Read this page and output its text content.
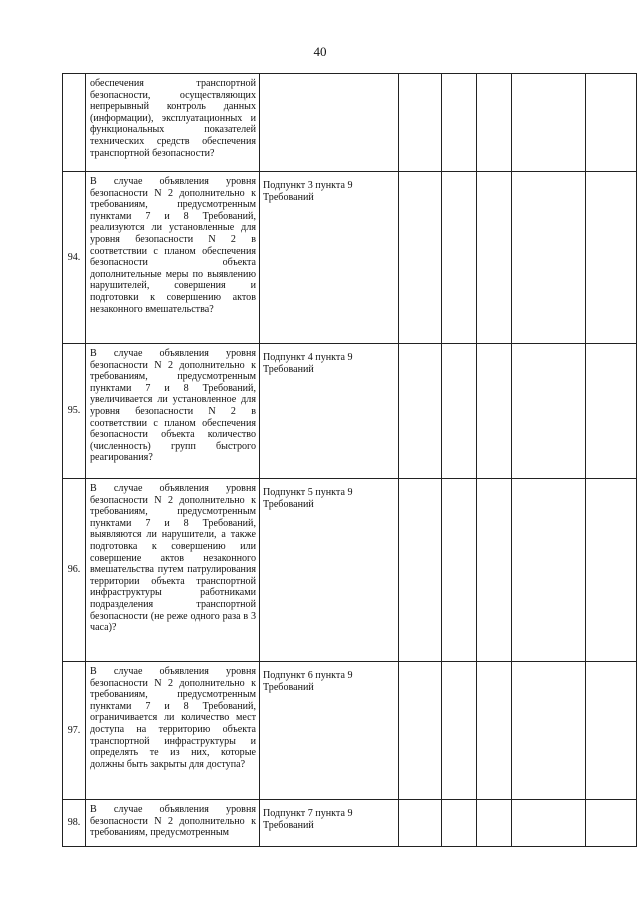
40

	обеспечения транспортной безопасности, осуществляющих непрерывный контроль данных (информации), эксплуатационных и функциональных показателей технических средств обеспечения транспортной безопасности?						

94.	В случае объявления уровня безопасности N 2 дополнительно к требованиям, предусмотренным пунктами 7 и 8 Требований, реализуются ли установленные для уровня безопасности N 2 в соответствии с планом обеспечения безопасности объекта дополнительные меры по выявлению нарушителей, совершения и подготовки к совершению актов незаконного вмешательства?	Подпункт 3 пункта 9
Требований					

95.	В случае объявления уровня безопасности N 2 дополнительно к требованиям, предусмотренным пунктами 7 и 8 Требований, увеличивается ли установленное для уровня безопасности N 2 в соответствии с планом обеспечения безопасности объекта количество (численность) групп быстрого реагирования?	Подпункт 4 пункта 9
Требований					

96.	В случае объявления уровня безопасности N 2 дополнительно к требованиям, предусмотренным пунктами 7 и 8 Требований, выявляются ли нарушители, а также подготовка к совершению или совершение актов незаконного вмешательства путем патрулирования территории объекта транспортной инфраструктуры работниками подразделения транспортной безопасности (не реже одного раза в 3 часа)?	Подпункт 5 пункта 9
Требований					

97.	В случае объявления уровня безопасности N 2 дополнительно к требованиям, предусмотренным пунктами 7 и 8 Требований, ограничивается ли количество мест доступа на территорию объекта транспортной инфраструктуры и определять те из них, которые должны быть закрыты для доступа?	Подпункт 6 пункта 9
Требований					

98.	В случае объявления уровня безопасности N 2 дополнительно к требованиям, предусмотренным	Подпункт 7 пункта 9
Требований					
